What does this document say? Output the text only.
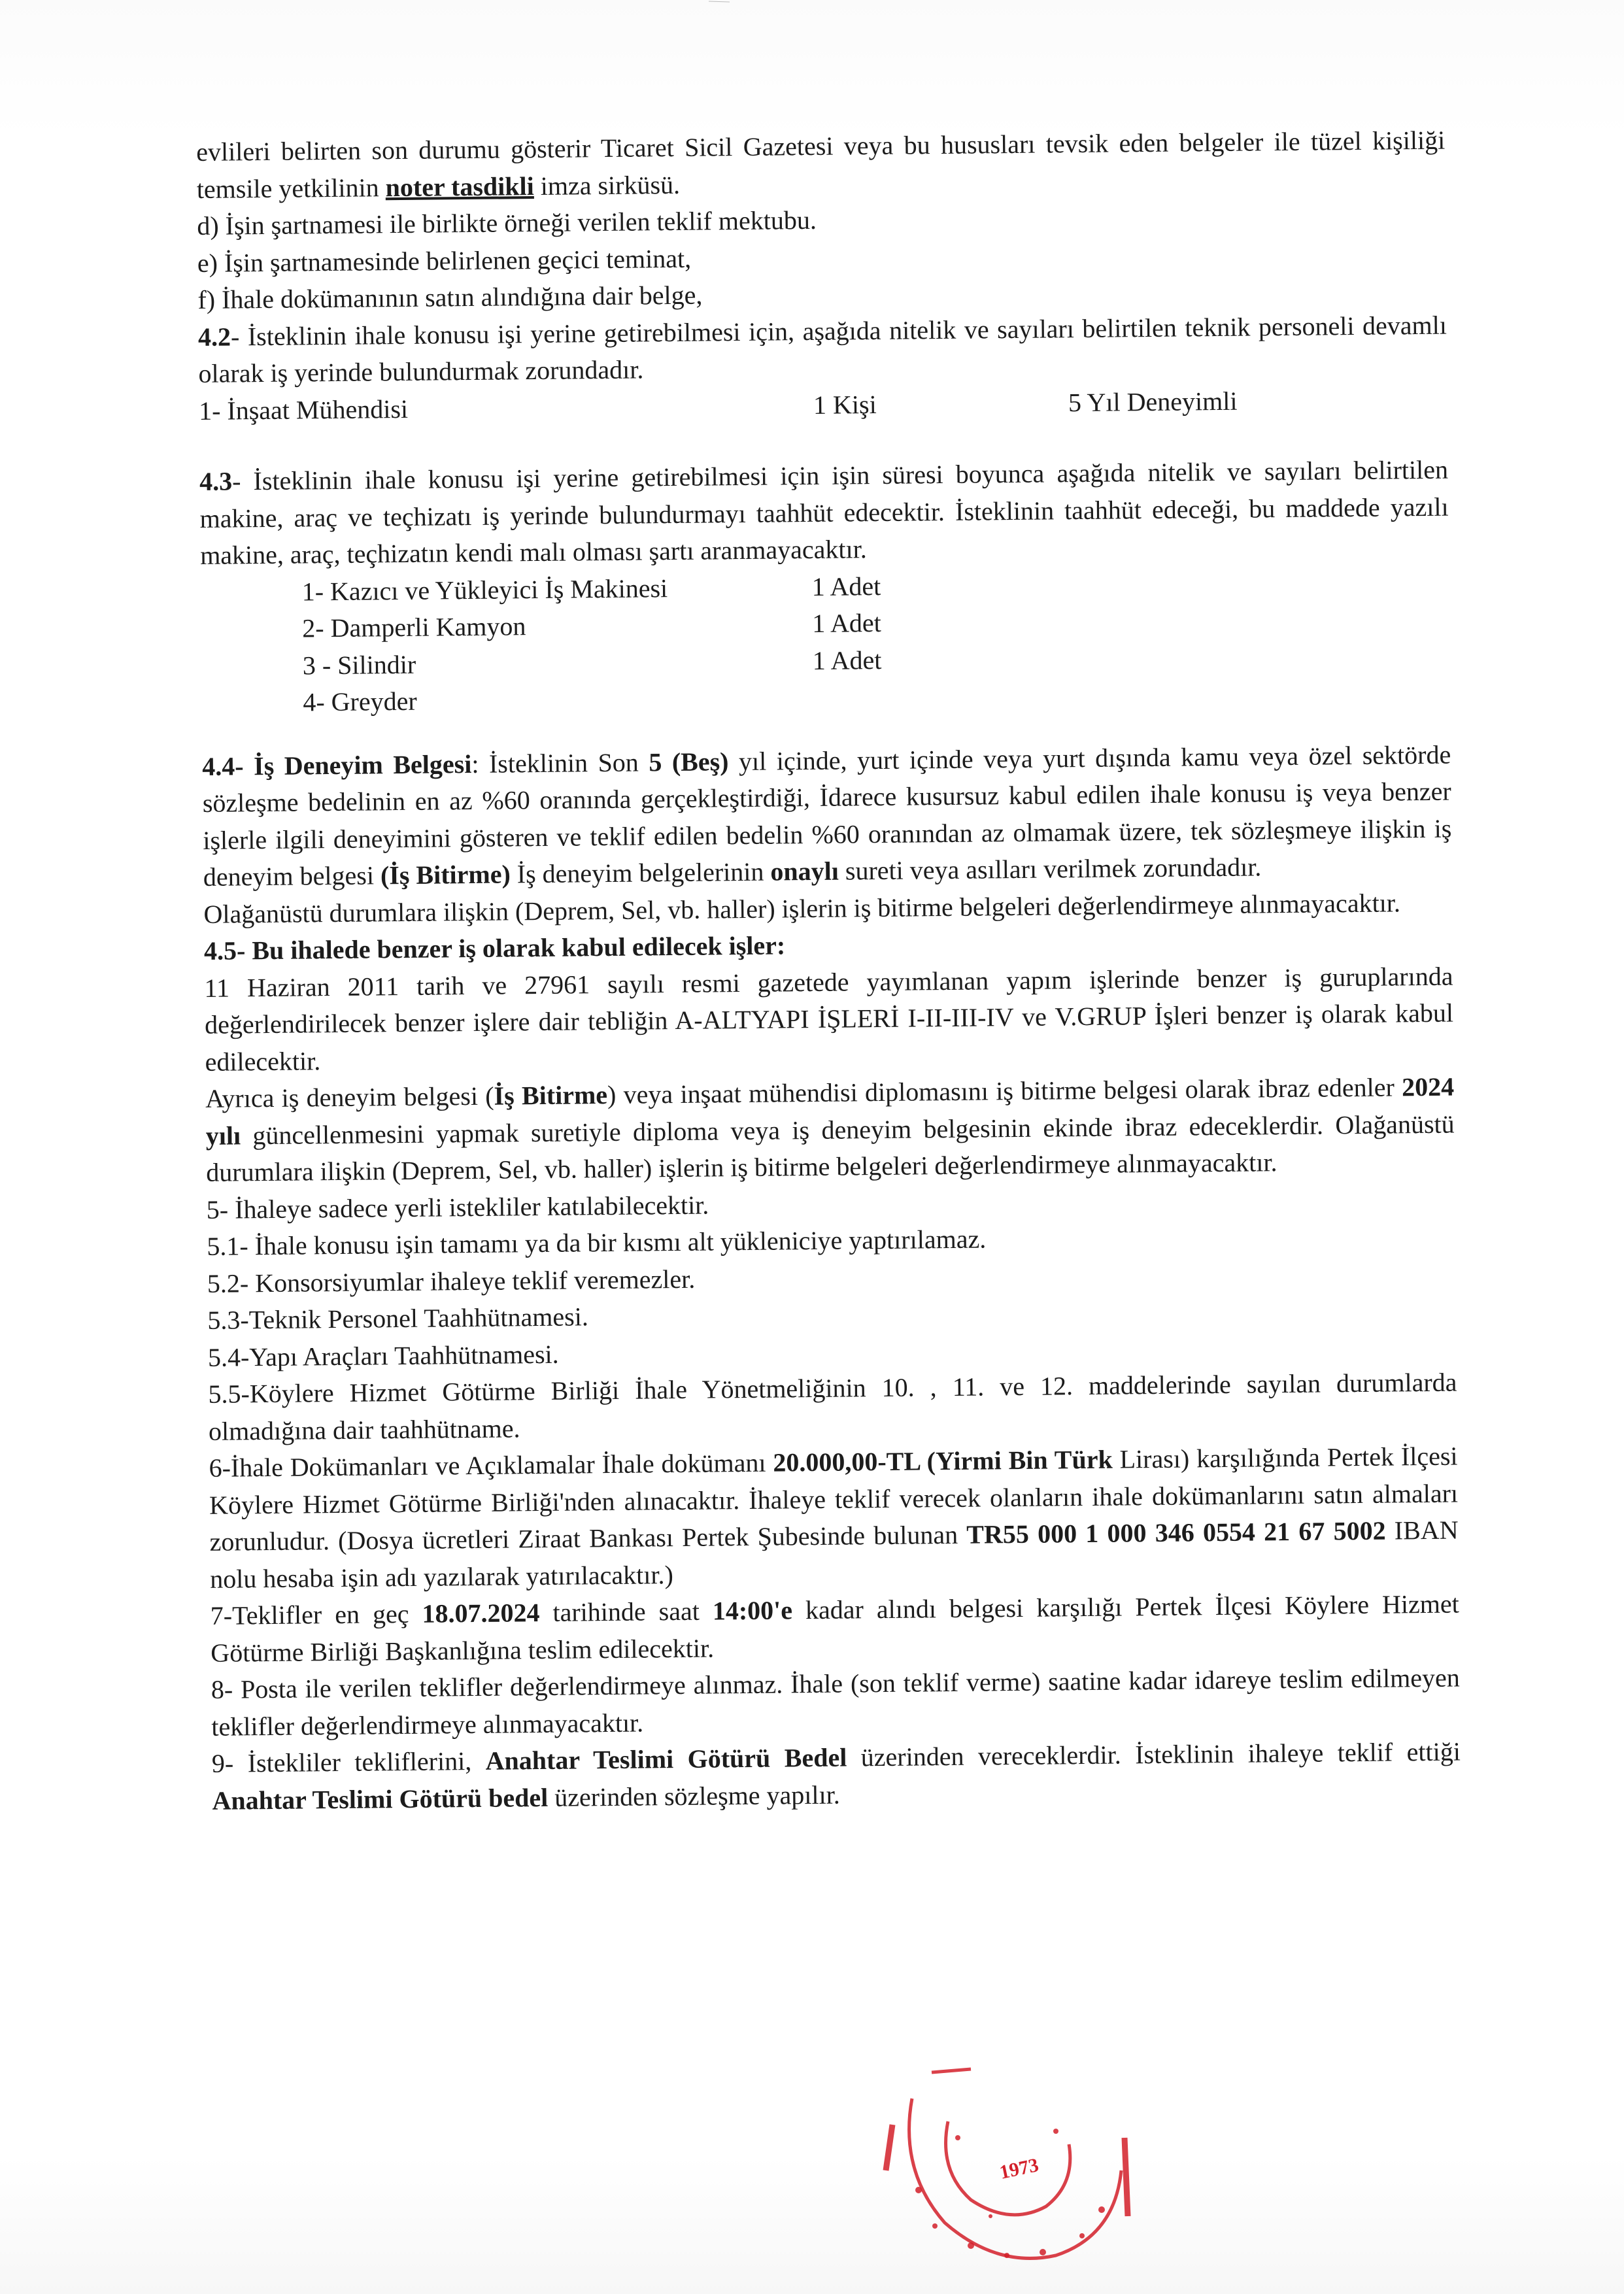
evlileri belirten son durumu gösterir Ticaret Sicil Gazetesi veya bu hususları tevsik eden belgeler ile tüzel kişiliği temsile yetkilinin noter tasdikli imza sirküsü.

d) İşin şartnamesi ile birlikte örneği verilen teklif mektubu.

e) İşin şartnamesinde belirlenen geçici teminat,

f) İhale dokümanının satın alındığına dair belge,

4.2- İsteklinin ihale konusu işi yerine getirebilmesi için, aşağıda nitelik ve sayıları belirtilen teknik personeli devamlı olarak iş yerinde bulundurmak zorundadır.

1- İnşaat Mühendisi	1 Kişi	5 Yıl Deneyimli

4.3- İsteklinin ihale konusu işi yerine getirebilmesi için işin süresi boyunca aşağıda nitelik ve sayıları belirtilen makine, araç ve teçhizatı iş yerinde bulundurmayı taahhüt edecektir. İsteklinin taahhüt edeceği, bu maddede yazılı makine, araç, teçhizatın kendi malı olması şartı aranmayacaktır.

1- Kazıcı ve Yükleyici İş Makinesi	1 Adet
2- Damperli Kamyon	1 Adet
3 - Silindir	1 Adet
4- Greyder

4.4- İş Deneyim Belgesi: İsteklinin Son 5 (Beş) yıl içinde, yurt içinde veya yurt dışında kamu veya özel sektörde sözleşme bedelinin en az %60 oranında gerçekleştirdiği, İdarece kusursuz kabul edilen ihale konusu iş veya benzer işlerle ilgili deneyimini gösteren ve teklif edilen bedelin %60 oranından az olmamak üzere, tek sözleşmeye ilişkin iş deneyim belgesi (İş Bitirme) İş deneyim belgelerinin onaylı sureti veya asılları verilmek zorundadır.

Olağanüstü durumlara ilişkin (Deprem, Sel, vb. haller) işlerin iş bitirme belgeleri değerlendirmeye alınmayacaktır.

4.5- Bu ihalede benzer iş olarak kabul edilecek işler:

11 Haziran 2011 tarih ve 27961 sayılı resmi gazetede yayımlanan yapım işlerinde benzer iş guruplarında değerlendirilecek benzer işlere dair tebliğin A-ALTYAPI İŞLERİ I-II-III-IV ve V.GRUP İşleri benzer iş olarak kabul edilecektir.

Ayrıca iş deneyim belgesi (İş Bitirme) veya inşaat mühendisi diplomasını iş bitirme belgesi olarak ibraz edenler 2024 yılı güncellenmesini yapmak suretiyle diploma veya iş deneyim belgesinin ekinde ibraz edeceklerdir. Olağanüstü durumlara ilişkin (Deprem, Sel, vb. haller) işlerin iş bitirme belgeleri değerlendirmeye alınmayacaktır.

5- İhaleye sadece yerli istekliler katılabilecektir.

5.1- İhale konusu işin tamamı ya da bir kısmı alt yükleniciye yaptırılamaz.

5.2- Konsorsiyumlar ihaleye teklif veremezler.

5.3-Teknik Personel Taahhütnamesi.

5.4-Yapı Araçları Taahhütnamesi.

5.5-Köylere Hizmet Götürme Birliği İhale Yönetmeliğinin 10. , 11. ve 12. maddelerinde sayılan durumlarda olmadığına dair taahhütname.

6-İhale Dokümanları ve Açıklamalar İhale dokümanı 20.000,00-TL (Yirmi Bin Türk Lirası) karşılığında Pertek İlçesi Köylere Hizmet Götürme Birliği'nden alınacaktır. İhaleye teklif verecek olanların ihale dokümanlarını satın almaları zorunludur. (Dosya ücretleri Ziraat Bankası Pertek Şubesinde bulunan TR55 000 1 000 346 0554 21 67 5002 IBAN nolu hesaba işin adı yazılarak yatırılacaktır.)

7-Teklifler en geç 18.07.2024 tarihinde saat 14:00'e kadar alındı belgesi karşılığı Pertek İlçesi Köylere Hizmet Götürme Birliği Başkanlığına teslim edilecektir.

8- Posta ile verilen teklifler değerlendirmeye alınmaz. İhale (son teklif verme) saatine kadar idareye teslim edilmeyen teklifler değerlendirmeye alınmayacaktır.

9- İstekliler tekliflerini, Anahtar Teslimi Götürü Bedel üzerinden vereceklerdir. İsteklinin ihaleye teklif ettiği Anahtar Teslimi Götürü bedel üzerinden sözleşme yapılır.

1973
